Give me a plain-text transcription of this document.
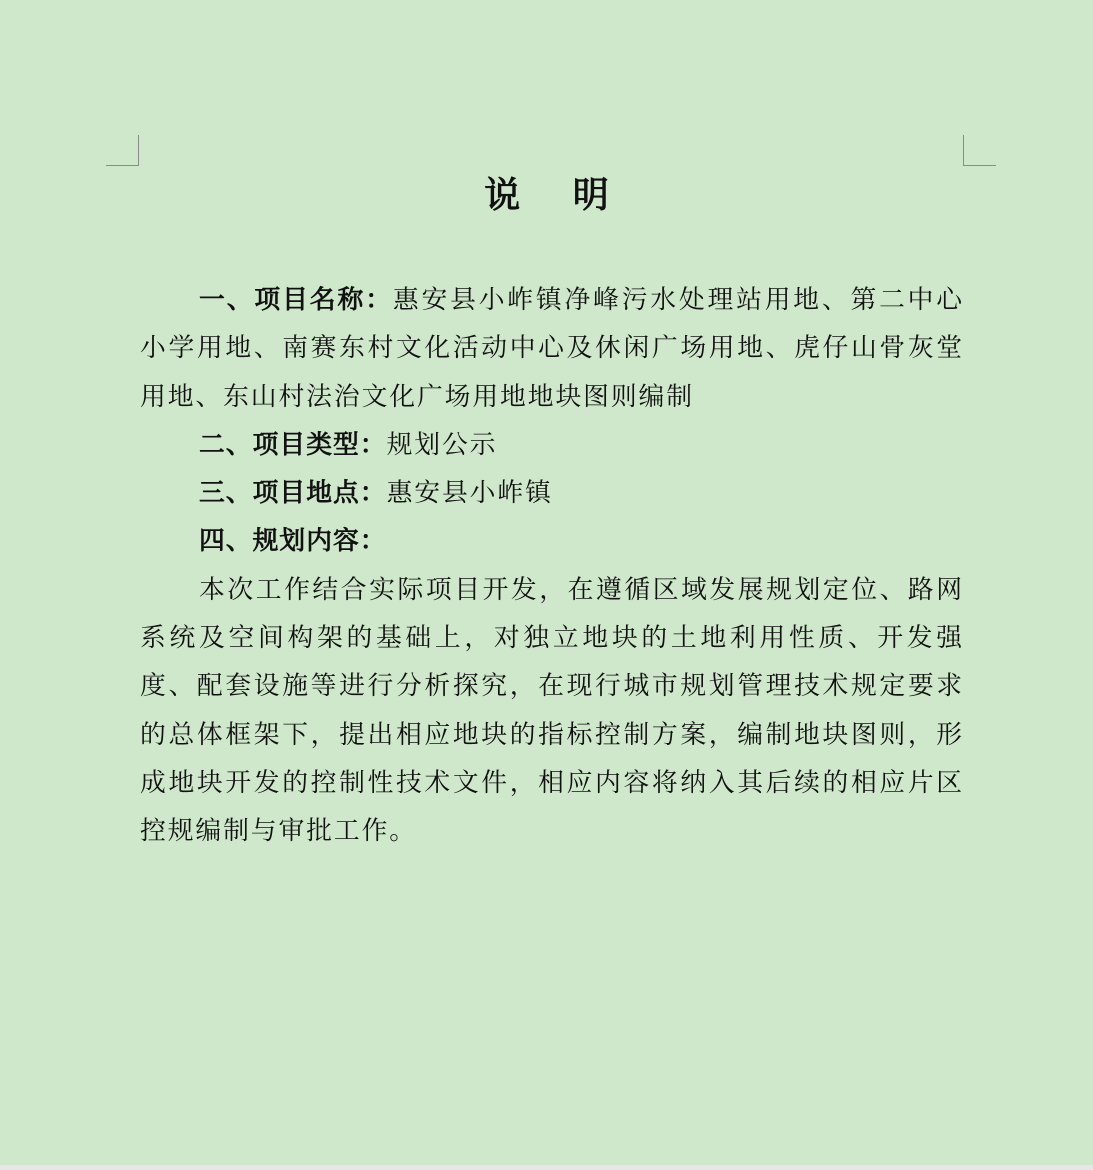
说 明

一、项目名称：惠安县小岞镇净峰污水处理站用地、第二中心小学用地、南赛东村文化活动中心及休闲广场用地、虎仔山骨灰堂用地、东山村法治文化广场用地地块图则编制

二、项目类型：规划公示

三、项目地点：惠安县小岞镇

四、规划内容：

本次工作结合实际项目开发，在遵循区域发展规划定位、路网系统及空间构架的基础上，对独立地块的土地利用性质、开发强度、配套设施等进行分析探究，在现行城市规划管理技术规定要求的总体框架下，提出相应地块的指标控制方案，编制地块图则，形成地块开发的控制性技术文件，相应内容将纳入其后续的相应片区控规编制与审批工作。
